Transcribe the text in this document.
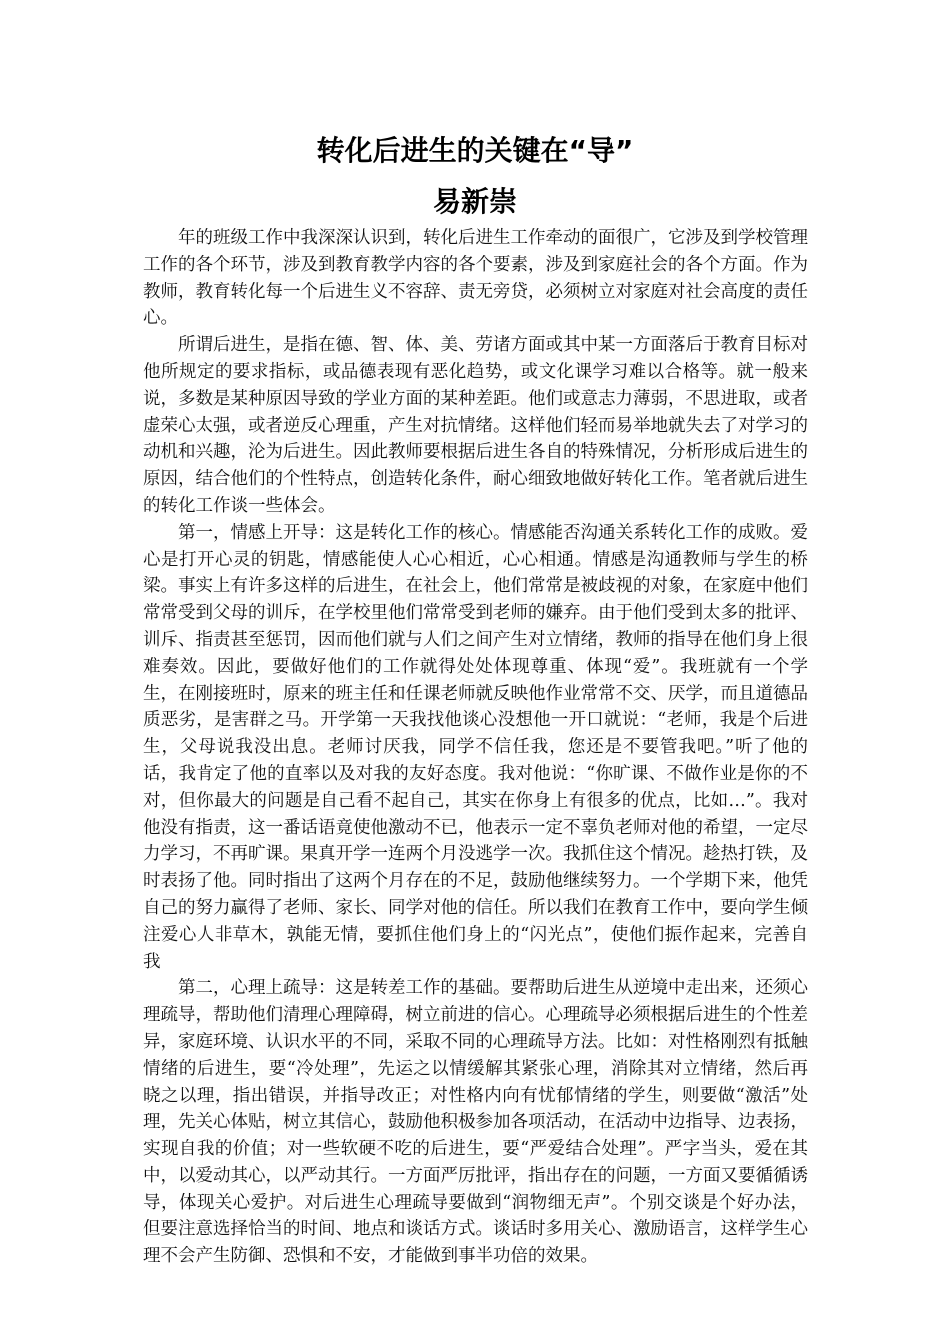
转化后进生的关键在“导”
易新崇

年的班级工作中我深深认识到，转化后进生工作牵动的面很广，它涉及到学校管理工作的各个环节，涉及到教育教学内容的各个要素，涉及到家庭社会的各个方面。作为教师，教育转化每一个后进生义不容辞、责无旁贷，必须树立对家庭对社会高度的责任心。

所谓后进生，是指在德、智、体、美、劳诸方面或其中某一方面落后于教育目标对他所规定的要求指标，或品德表现有恶化趋势，或文化课学习难以合格等。就一般来说，多数是某种原因导致的学业方面的某种差距。他们或意志力薄弱，不思进取，或者虚荣心太强，或者逆反心理重，产生对抗情绪。这样他们轻而易举地就失去了对学习的动机和兴趣，沦为后进生。因此教师要根据后进生各自的特殊情况，分析形成后进生的原因，结合他们的个性特点，创造转化条件，耐心细致地做好转化工作。笔者就后进生的转化工作谈一些体会。

第一，情感上开导：这是转化工作的核心。情感能否沟通关系转化工作的成败。爱心是打开心灵的钥匙，情感能使人心心相近，心心相通。情感是沟通教师与学生的桥梁。事实上有许多这样的后进生，在社会上，他们常常是被歧视的对象，在家庭中他们常常受到父母的训斥，在学校里他们常常受到老师的嫌弃。由于他们受到太多的批评、训斥、指责甚至惩罚，因而他们就与人们之间产生对立情绪，教师的指导在他们身上很难奏效。因此，要做好他们的工作就得处处体现尊重、体现“爱”。我班就有一个学生，在刚接班时，原来的班主任和任课老师就反映他作业常常不交、厌学，而且道德品质恶劣，是害群之马。开学第一天我找他谈心没想他一开口就说：“老师，我是个后进生，父母说我没出息。老师讨厌我，同学不信任我，您还是不要管我吧。”听了他的话，我肯定了他的直率以及对我的友好态度。我对他说：“你旷课、不做作业是你的不对，但你最大的问题是自己看不起自己，其实在你身上有很多的优点，比如…”。我对他没有指责，这一番话语竟使他激动不已，他表示一定不辜负老师对他的希望，一定尽力学习，不再旷课。果真开学一连两个月没逃学一次。我抓住这个情况。趁热打铁，及时表扬了他。同时指出了这两个月存在的不足，鼓励他继续努力。一个学期下来，他凭自己的努力赢得了老师、家长、同学对他的信任。所以我们在教育工作中，要向学生倾注爱心人非草木，孰能无情，要抓住他们身上的“闪光点”，使他们振作起来，完善自我

第二，心理上疏导：这是转差工作的基础。要帮助后进生从逆境中走出来，还须心理疏导，帮助他们清理心理障碍，树立前进的信心。心理疏导必须根据后进生的个性差异，家庭环境、认识水平的不同，采取不同的心理疏导方法。比如：对性格刚烈有抵触情绪的后进生，要“冷处理”，先运之以情缓解其紧张心理，消除其对立情绪，然后再晓之以理，指出错误，并指导改正；对性格内向有忧郁情绪的学生，则要做“激活”处理，先关心体贴，树立其信心，鼓励他积极参加各项活动，在活动中边指导、边表扬，实现自我的价值；对一些软硬不吃的后进生，要“严爱结合处理”。严字当头，爱在其中，以爱动其心，以严动其行。一方面严厉批评，指出存在的问题，一方面又要循循诱导，体现关心爱护。对后进生心理疏导要做到“润物细无声”。个别交谈是个好办法，但要注意选择恰当的时间、地点和谈话方式。谈话时多用关心、激励语言，这样学生心理不会产生防御、恐惧和不安，才能做到事半功倍的效果。
